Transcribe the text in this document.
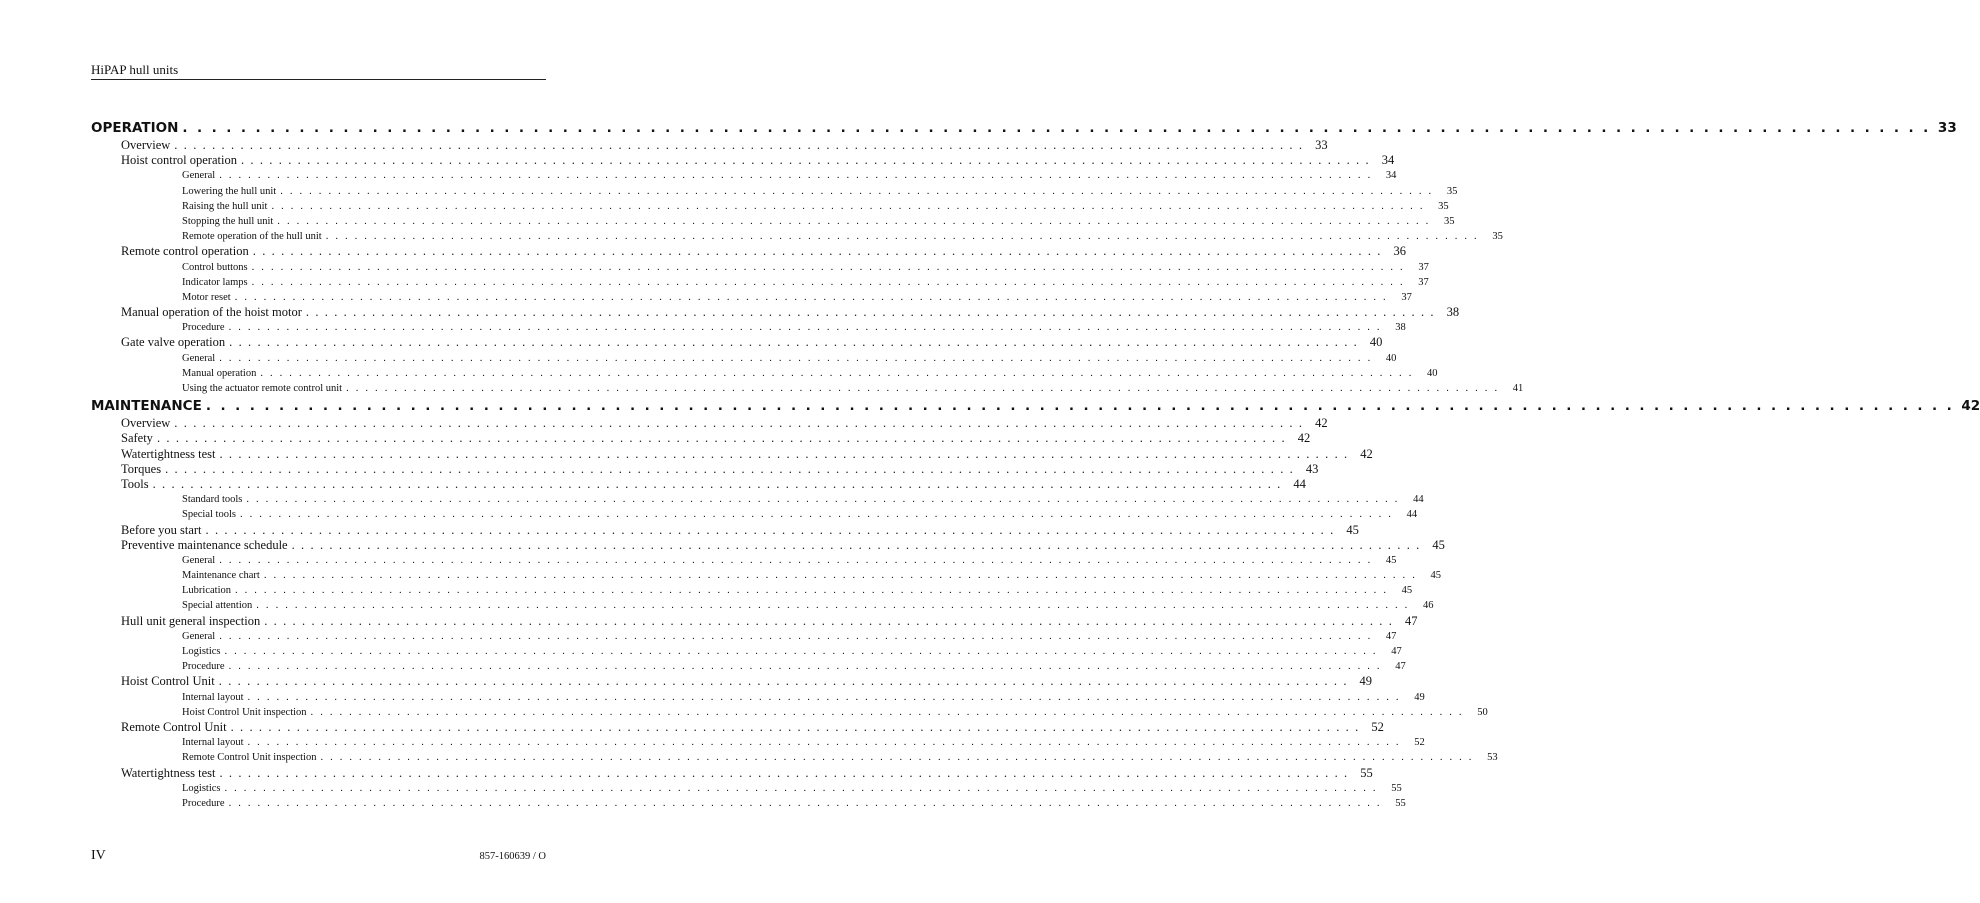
HiPAP hull units
OPERATION . . . . . . . . . . . . . . . . . . . . . . . . . . . . . . . . . . . . . . . . . . . . . . . . . . . . . . . . . . . . . . . . . . . . . . . . . . . . . . . . . . . . . . . . . . . . . . . . . . . . . . . . . . . . . . . . . . . . . . . . 33
Overview . . . . . . . . . . . . . . . . . . . . . . . . . . . . . . . . . . . . . . . . . . . . . . . . . . . . . . . . . . . . . . . . . . . . . . . . . . . . . . . . . . . . . . . . . . . . . . . . . . . . . . . . . . . . . . . . . . . . . . . . 33
Hoist control operation . . . . . . . . . . . . . . . . . . . . . . . . . . . . . . . . . . . . . . . . . . . . . . . . . . . . . . . . . . . . . . . . . . . . . . . . . . . . . . . . . . . . . . . . . . . . . . . . . . . . . . . . . . . . . . . . . . . . . . . . 34
General . . . . . . . . . . . . . . . . . . . . . . . . . . . . . . . . . . . . . . . . . . . . . . . . . . . . . . . . . . . . . . . . . . . . . . . . . . . . . . . . . . . . . . . . . . . . . . . . . . . . . . . . . . . . . . . . . . . . . . . .	34
Lowering the hull unit . . . . . . . . . . . . . . . . . . . . . . . . . . . . . . . . . . . . . . . . . . . . . . . . . . . . . . . . . . . . . . . . . . . . . . . . . . . . . . . . . . . . . . . . . . . . . . . . . . . . . . . . . . . . . . . . . . . . . . . .	35
Raising the hull unit . . . . . . . . . . . . . . . . . . . . . . . . . . . . . . . . . . . . . . . . . . . . . . . . . . . . . . . . . . . . . . . . . . . . . . . . . . . . . . . . . . . . . . . . . . . . . . . . . . . . . . . . . . . . . . . . . . . . . . . .	35
Stopping the hull unit . . . . . . . . . . . . . . . . . . . . . . . . . . . . . . . . . . . . . . . . . . . . . . . . . . . . . . . . . . . . . . . . . . . . . . . . . . . . . . . . . . . . . . . . . . . . . . . . . . . . . . . . . . . . . . . . . . . . . . . .	35
Remote operation of the hull unit . . . . . . . . . . . . . . . . . . . . . . . . . . . . . . . . . . . . . . . . . . . . . . . . . . . . . . . . . . . . . . . . . . . . . . . . . . . . . . . . . . . . . . . . . . . . . . . . . . . . . . . . . . . . . . . . . . . . . . . .	35
Remote control operation . . . . . . . . . . . . . . . . . . . . . . . . . . . . . . . . . . . . . . . . . . . . . . . . . . . . . . . . . . . . . . . . . . . . . . . . . . . . . . . . . . . . . . . . . . . . . . . . . . . . . . . . . . . . . . . . . . . . . . . . 36
Control buttons . . . . . . . . . . . . . . . . . . . . . . . . . . . . . . . . . . . . . . . . . . . . . . . . . . . . . . . . . . . . . . . . . . . . . . . . . . . . . . . . . . . . . . . . . . . . . . . . . . . . . . . . . . . . . . . . . . . . . . . .	37
Indicator lamps . . . . . . . . . . . . . . . . . . . . . . . . . . . . . . . . . . . . . . . . . . . . . . . . . . . . . . . . . . . . . . . . . . . . . . . . . . . . . . . . . . . . . . . . . . . . . . . . . . . . . . . . . . . . . . . . . . . . . . . .	37
Motor reset . . . . . . . . . . . . . . . . . . . . . . . . . . . . . . . . . . . . . . . . . . . . . . . . . . . . . . . . . . . . . . . . . . . . . . . . . . . . . . . . . . . . . . . . . . . . . . . . . . . . . . . . . . . . . . . . . . . . . . . .	37
Manual operation of the hoist motor . . . . . . . . . . . . . . . . . . . . . . . . . . . . . . . . . . . . . . . . . . . . . . . . . . . . . . . . . . . . . . . . . . . . . . . . . . . . . . . . . . . . . . . . . . . . . . . . . . . . . . . . . . . . . . . . . . . . . . . . 38
Procedure . . . . . . . . . . . . . . . . . . . . . . . . . . . . . . . . . . . . . . . . . . . . . . . . . . . . . . . . . . . . . . . . . . . . . . . . . . . . . . . . . . . . . . . . . . . . . . . . . . . . . . . . . . . . . . . . . . . . . . . .	38
Gate valve operation . . . . . . . . . . . . . . . . . . . . . . . . . . . . . . . . . . . . . . . . . . . . . . . . . . . . . . . . . . . . . . . . . . . . . . . . . . . . . . . . . . . . . . . . . . . . . . . . . . . . . . . . . . . . . . . . . . . . . . . . 40
General . . . . . . . . . . . . . . . . . . . . . . . . . . . . . . . . . . . . . . . . . . . . . . . . . . . . . . . . . . . . . . . . . . . . . . . . . . . . . . . . . . . . . . . . . . . . . . . . . . . . . . . . . . . . . . . . . . . . . . . .	40
Manual operation . . . . . . . . . . . . . . . . . . . . . . . . . . . . . . . . . . . . . . . . . . . . . . . . . . . . . . . . . . . . . . . . . . . . . . . . . . . . . . . . . . . . . . . . . . . . . . . . . . . . . . . . . . . . . . . . . . . . . . . .	40
Using the actuator remote control unit . . . . . . . . . . . . . . . . . . . . . . . . . . . . . . . . . . . . . . . . . . . . . . . . . . . . . . . . . . . . . . . . . . . . . . . . . . . . . . . . . . . . . . . . . . . . . . . . . . . . . . . . . . . . . . . . . . . . . . . .	41
MAINTENANCE . . . . . . . . . . . . . . . . . . . . . . . . . . . . . . . . . . . . . . . . . . . . . . . . . . . . . . . . . . . . . . . . . . . . . . . . . . . . . . . . . . . . . . . . . . . . . . . . . . . . . . . . . . . . . . . . . . . . . . . . 42
Overview . . . . . . . . . . . . . . . . . . . . . . . . . . . . . . . . . . . . . . . . . . . . . . . . . . . . . . . . . . . . . . . . . . . . . . . . . . . . . . . . . . . . . . . . . . . . . . . . . . . . . . . . . . . . . . . . . . . . . . . . 42
Safety . . . . . . . . . . . . . . . . . . . . . . . . . . . . . . . . . . . . . . . . . . . . . . . . . . . . . . . . . . . . . . . . . . . . . . . . . . . . . . . . . . . . . . . . . . . . . . . . . . . . . . . . . . . . . . . . . . . . . . . . 42
Watertightness test . . . . . . . . . . . . . . . . . . . . . . . . . . . . . . . . . . . . . . . . . . . . . . . . . . . . . . . . . . . . . . . . . . . . . . . . . . . . . . . . . . . . . . . . . . . . . . . . . . . . . . . . . . . . . . . . . . . . . . . . 42
Torques . . . . . . . . . . . . . . . . . . . . . . . . . . . . . . . . . . . . . . . . . . . . . . . . . . . . . . . . . . . . . . . . . . . . . . . . . . . . . . . . . . . . . . . . . . . . . . . . . . . . . . . . . . . . . . . . . . . . . . . . 43
Tools . . . . . . . . . . . . . . . . . . . . . . . . . . . . . . . . . . . . . . . . . . . . . . . . . . . . . . . . . . . . . . . . . . . . . . . . . . . . . . . . . . . . . . . . . . . . . . . . . . . . . . . . . . . . . . . . . . . . . . . . 44
Standard tools . . . . . . . . . . . . . . . . . . . . . . . . . . . . . . . . . . . . . . . . . . . . . . . . . . . . . . . . . . . . . . . . . . . . . . . . . . . . . . . . . . . . . . . . . . . . . . . . . . . . . . . . . . . . . . . . . . . . . . . .	44
Special tools . . . . . . . . . . . . . . . . . . . . . . . . . . . . . . . . . . . . . . . . . . . . . . . . . . . . . . . . . . . . . . . . . . . . . . . . . . . . . . . . . . . . . . . . . . . . . . . . . . . . . . . . . . . . . . . . . . . . . . . .	44
Before you start . . . . . . . . . . . . . . . . . . . . . . . . . . . . . . . . . . . . . . . . . . . . . . . . . . . . . . . . . . . . . . . . . . . . . . . . . . . . . . . . . . . . . . . . . . . . . . . . . . . . . . . . . . . . . . . . . . . . . . . . 45
Preventive maintenance schedule . . . . . . . . . . . . . . . . . . . . . . . . . . . . . . . . . . . . . . . . . . . . . . . . . . . . . . . . . . . . . . . . . . . . . . . . . . . . . . . . . . . . . . . . . . . . . . . . . . . . . . . . . . . . . . . . . . . . . . . . 45
General . . . . . . . . . . . . . . . . . . . . . . . . . . . . . . . . . . . . . . . . . . . . . . . . . . . . . . . . . . . . . . . . . . . . . . . . . . . . . . . . . . . . . . . . . . . . . . . . . . . . . . . . . . . . . . . . . . . . . . . .	45
Maintenance chart . . . . . . . . . . . . . . . . . . . . . . . . . . . . . . . . . . . . . . . . . . . . . . . . . . . . . . . . . . . . . . . . . . . . . . . . . . . . . . . . . . . . . . . . . . . . . . . . . . . . . . . . . . . . . . . . . . . . . . . .	45
Lubrication . . . . . . . . . . . . . . . . . . . . . . . . . . . . . . . . . . . . . . . . . . . . . . . . . . . . . . . . . . . . . . . . . . . . . . . . . . . . . . . . . . . . . . . . . . . . . . . . . . . . . . . . . . . . . . . . . . . . . . . .	45
Special attention . . . . . . . . . . . . . . . . . . . . . . . . . . . . . . . . . . . . . . . . . . . . . . . . . . . . . . . . . . . . . . . . . . . . . . . . . . . . . . . . . . . . . . . . . . . . . . . . . . . . . . . . . . . . . . . . . . . . . . . .	46
Hull unit general inspection . . . . . . . . . . . . . . . . . . . . . . . . . . . . . . . . . . . . . . . . . . . . . . . . . . . . . . . . . . . . . . . . . . . . . . . . . . . . . . . . . . . . . . . . . . . . . . . . . . . . . . . . . . . . . . . . . . . . . . . . 47
General . . . . . . . . . . . . . . . . . . . . . . . . . . . . . . . . . . . . . . . . . . . . . . . . . . . . . . . . . . . . . . . . . . . . . . . . . . . . . . . . . . . . . . . . . . . . . . . . . . . . . . . . . . . . . . . . . . . . . . . .	47
Logistics . . . . . . . . . . . . . . . . . . . . . . . . . . . . . . . . . . . . . . . . . . . . . . . . . . . . . . . . . . . . . . . . . . . . . . . . . . . . . . . . . . . . . . . . . . . . . . . . . . . . . . . . . . . . . . . . . . . . . . . .	47
Procedure . . . . . . . . . . . . . . . . . . . . . . . . . . . . . . . . . . . . . . . . . . . . . . . . . . . . . . . . . . . . . . . . . . . . . . . . . . . . . . . . . . . . . . . . . . . . . . . . . . . . . . . . . . . . . . . . . . . . . . . .	47
Hoist Control Unit . . . . . . . . . . . . . . . . . . . . . . . . . . . . . . . . . . . . . . . . . . . . . . . . . . . . . . . . . . . . . . . . . . . . . . . . . . . . . . . . . . . . . . . . . . . . . . . . . . . . . . . . . . . . . . . . . . . . . . . . 49
Internal layout . . . . . . . . . . . . . . . . . . . . . . . . . . . . . . . . . . . . . . . . . . . . . . . . . . . . . . . . . . . . . . . . . . . . . . . . . . . . . . . . . . . . . . . . . . . . . . . . . . . . . . . . . . . . . . . . . . . . . . . .	49
Hoist Control Unit inspection . . . . . . . . . . . . . . . . . . . . . . . . . . . . . . . . . . . . . . . . . . . . . . . . . . . . . . . . . . . . . . . . . . . . . . . . . . . . . . . . . . . . . . . . . . . . . . . . . . . . . . . . . . . . . . . . . . . . . . . .	50
Remote Control Unit . . . . . . . . . . . . . . . . . . . . . . . . . . . . . . . . . . . . . . . . . . . . . . . . . . . . . . . . . . . . . . . . . . . . . . . . . . . . . . . . . . . . . . . . . . . . . . . . . . . . . . . . . . . . . . . . . . . . . . . . 52
Internal layout . . . . . . . . . . . . . . . . . . . . . . . . . . . . . . . . . . . . . . . . . . . . . . . . . . . . . . . . . . . . . . . . . . . . . . . . . . . . . . . . . . . . . . . . . . . . . . . . . . . . . . . . . . . . . . . . . . . . . . . .	52
Remote Control Unit inspection . . . . . . . . . . . . . . . . . . . . . . . . . . . . . . . . . . . . . . . . . . . . . . . . . . . . . . . . . . . . . . . . . . . . . . . . . . . . . . . . . . . . . . . . . . . . . . . . . . . . . . . . . . . . . . . . . . . . . . . .	53
Watertightness test . . . . . . . . . . . . . . . . . . . . . . . . . . . . . . . . . . . . . . . . . . . . . . . . . . . . . . . . . . . . . . . . . . . . . . . . . . . . . . . . . . . . . . . . . . . . . . . . . . . . . . . . . . . . . . . . . . . . . . . . 55
Logistics . . . . . . . . . . . . . . . . . . . . . . . . . . . . . . . . . . . . . . . . . . . . . . . . . . . . . . . . . . . . . . . . . . . . . . . . . . . . . . . . . . . . . . . . . . . . . . . . . . . . . . . . . . . . . . . . . . . . . . . .	55
Procedure . . . . . . . . . . . . . . . . . . . . . . . . . . . . . . . . . . . . . . . . . . . . . . . . . . . . . . . . . . . . . . . . . . . . . . . . . . . . . . . . . . . . . . . . . . . . . . . . . . . . . . . . . . . . . . . . . . . . . . . .	55
IV	857-160639 / O
